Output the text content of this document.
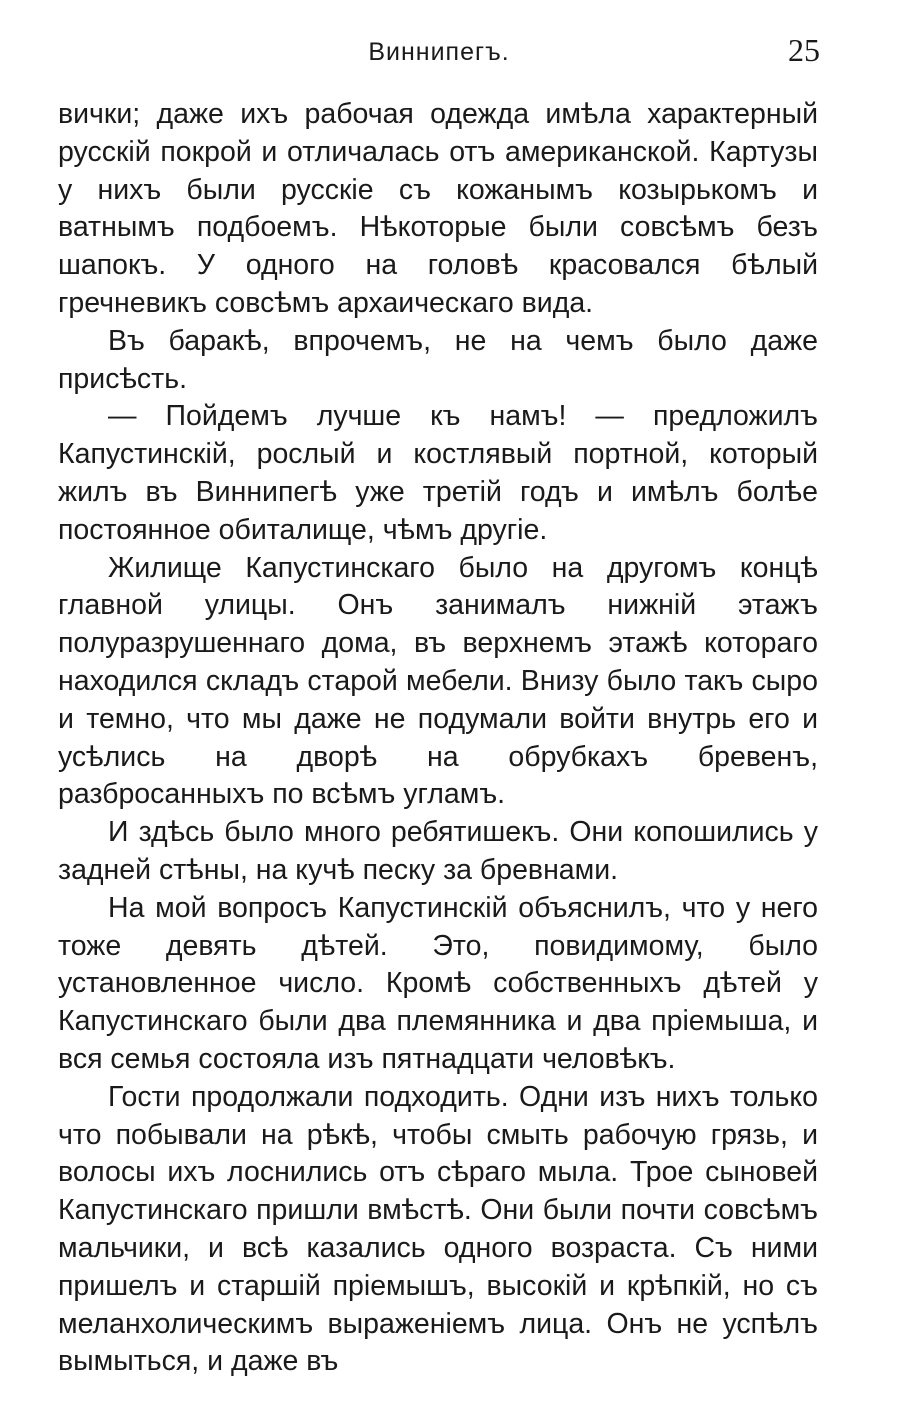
Виннипегъ.	25

вички; даже ихъ рабочая одежда имѣла характерный русскій покрой и отличалась отъ американской. Картузы у нихъ были русскіе съ кожанымъ козырькомъ и ватнымъ подбоемъ. Нѣкоторые были совсѣмъ безъ шапокъ. У одного на головѣ красовался бѣлый гречневикъ совсѣмъ архаическаго вида.

Въ баракѣ, впрочемъ, не на чемъ было даже присѣсть.

— Пойдемъ лучше къ намъ! — предложилъ Капустинскій, рослый и костлявый портной, который жилъ въ Виннипегѣ уже третій годъ и имѣлъ болѣе постоянное обиталище, чѣмъ другіе.

Жилище Капустинскаго было на другомъ концѣ главной улицы. Онъ занималъ нижній этажъ полуразрушеннаго дома, въ верхнемъ этажѣ котораго находился складъ старой мебели. Внизу было такъ сыро и темно, что мы даже не подумали войти внутрь его и усѣлись на дворѣ на обрубкахъ бревенъ, разбросанныхъ по всѣмъ угламъ.

И здѣсь было много ребятишекъ. Они копошились у задней стѣны, на кучѣ песку за бревнами.

На мой вопросъ Капустинскій объяснилъ, что у него тоже девять дѣтей. Это, повидимому, было установленное число. Кромѣ собственныхъ дѣтей у Капустинскаго были два племянника и два пріемыша, и вся семья состояла изъ пятнадцати человѣкъ.

Гости продолжали подходить. Одни изъ нихъ только что побывали на рѣкѣ, чтобы смыть рабочую грязь, и волосы ихъ лоснились отъ сѣраго мыла. Трое сыновей Капустинскаго пришли вмѣстѣ. Они были почти совсѣмъ мальчики, и всѣ казались одного возраста. Съ ними пришелъ и старшій пріемышъ, высокій и крѣпкій, но съ меланхолическимъ выраженіемъ лица. Онъ не успѣлъ вымыться, и даже въ
